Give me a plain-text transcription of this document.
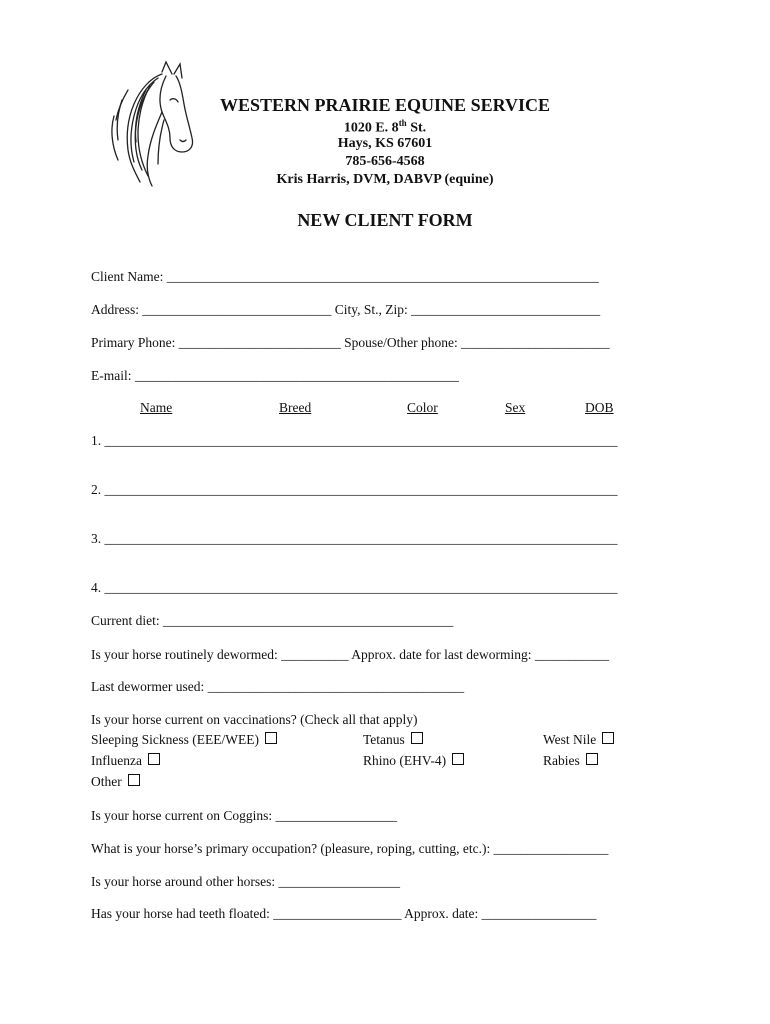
WESTERN PRAIRIE EQUINE SERVICE
1020 E. 8th St.
Hays, KS 67601
785-656-4568
Kris Harris, DVM, DABVP (equine)
NEW CLIENT FORM
Client Name: ________________________________________________________________
Address: ____________________________ City, St., Zip: ____________________________
Primary Phone: ________________________ Spouse/Other phone: ______________________
E-mail: ________________________________________________
Name	Breed	Color	Sex	DOB
1. ____________________________________________________________________________
2. ____________________________________________________________________________
3. ____________________________________________________________________________
4. ____________________________________________________________________________
Current diet: ___________________________________________
Is your horse routinely dewormed: __________ Approx. date for last deworming: ___________
Last dewormer used: ______________________________________
Is your horse current on vaccinations? (Check all that apply)
Sleeping Sickness (EEE/WEE)	Tetanus	West Nile
Influenza	Rhino (EHV-4)	Rabies
Other
Is your horse current on Coggins: __________________
What is your horse’s primary occupation? (pleasure, roping, cutting, etc.): _________________
Is your horse around other horses: __________________
Has your horse had teeth floated: ___________________ Approx. date: _________________
